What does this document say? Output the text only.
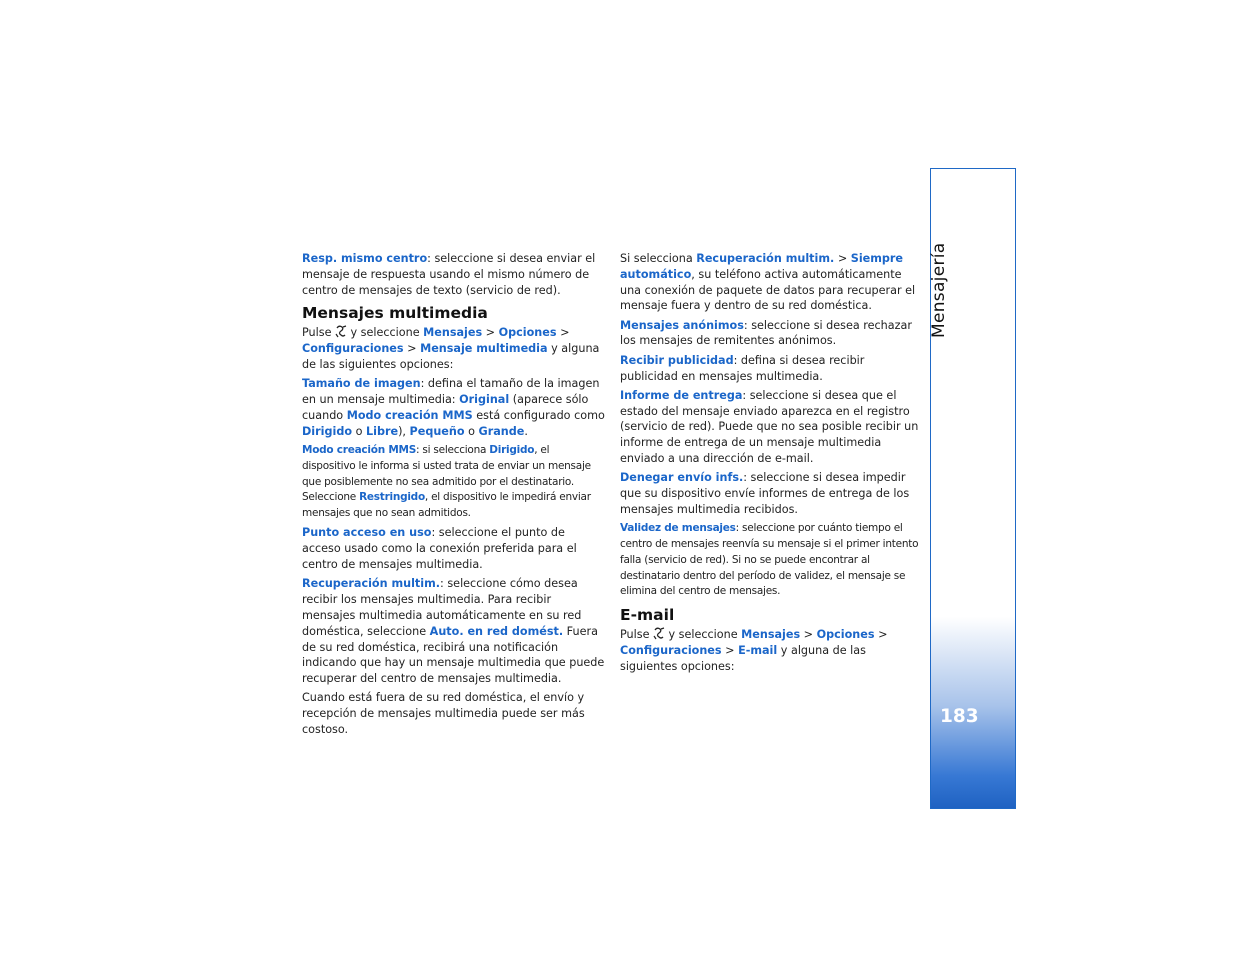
Resp. mismo centro: seleccione si desea enviar el mensaje de respuesta usando el mismo número de centro de mensajes de texto (servicio de red).

Mensajes multimedia

Pulse y seleccione Mensajes > Opciones > Configuraciones > Mensaje multimedia y alguna de las siguientes opciones:

Tamaño de imagen: defina el tamaño de la imagen en un mensaje multimedia: Original (aparece sólo cuando Modo creación MMS está configurado como Dirigido o Libre), Pequeño o Grande.

Modo creación MMS: si selecciona Dirigido, el dispositivo le informa si usted trata de enviar un mensaje que posiblemente no sea admitido por el destinatario. Seleccione Restringido, el dispositivo le impedirá enviar mensajes que no sean admitidos.

Punto acceso en uso: seleccione el punto de acceso usado como la conexión preferida para el centro de mensajes multimedia.

Recuperación multim.: seleccione cómo desea recibir los mensajes multimedia. Para recibir mensajes multimedia automáticamente en su red doméstica, seleccione Auto. en red domést. Fuera de su red doméstica, recibirá una notificación indicando que hay un mensaje multimedia que puede recuperar del centro de mensajes multimedia.

Cuando está fuera de su red doméstica, el envío y recepción de mensajes multimedia puede ser más costoso.

Si selecciona Recuperación multim. > Siempre automático, su teléfono activa automáticamente una conexión de paquete de datos para recuperar el mensaje fuera y dentro de su red doméstica.

Mensajes anónimos: seleccione si desea rechazar los mensajes de remitentes anónimos.

Recibir publicidad: defina si desea recibir publicidad en mensajes multimedia.

Informe de entrega: seleccione si desea que el estado del mensaje enviado aparezca en el registro (servicio de red). Puede que no sea posible recibir un informe de entrega de un mensaje multimedia enviado a una dirección de e-mail.

Denegar envío infs.: seleccione si desea impedir que su dispositivo envíe informes de entrega de los mensajes multimedia recibidos.

Validez de mensajes: seleccione por cuánto tiempo el centro de mensajes reenvía su mensaje si el primer intento falla (servicio de red). Si no se puede encontrar al destinatario dentro del período de validez, el mensaje se elimina del centro de mensajes.

E-mail

Pulse y seleccione Mensajes > Opciones > Configuraciones > E-mail y alguna de las siguientes opciones:

Mensajería
183
